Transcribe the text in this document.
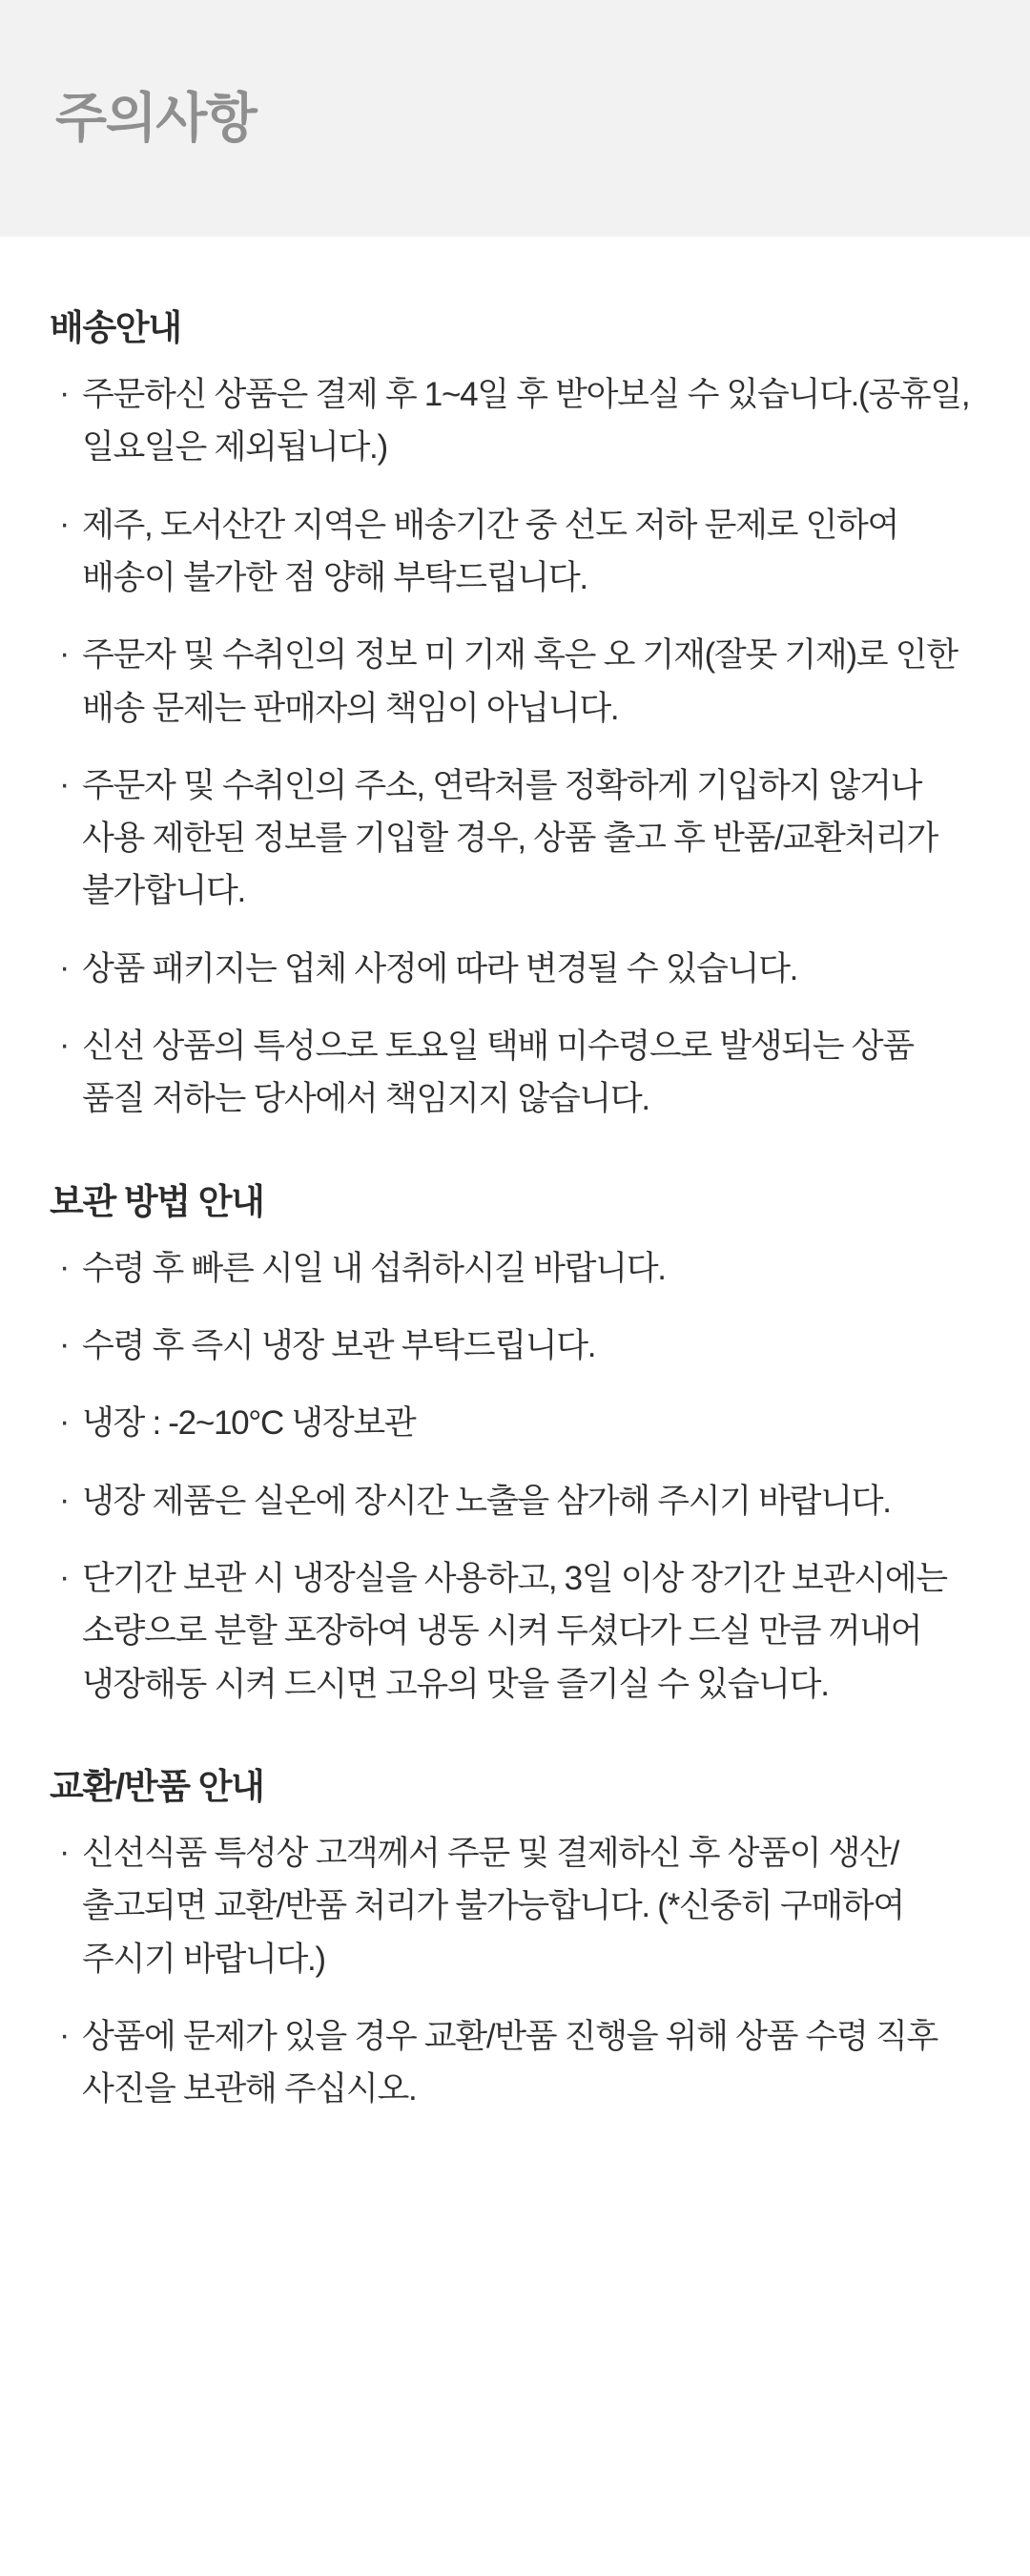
주의사항
배송안내
· 주문하신 상품은 결제 후 1~4일 후 받아보실 수 있습니다.(공휴일, 일요일은 제외됩니다.)
· 제주, 도서산간 지역은 배송기간 중 선도 저하 문제로 인하여 배송이 불가한 점 양해 부탁드립니다.
· 주문자 및 수취인의 정보 미 기재 혹은 오 기재(잘못 기재)로 인한 배송 문제는 판매자의 책임이 아닙니다.
· 주문자 및 수취인의 주소, 연락처를 정확하게 기입하지 않거나 사용 제한된 정보를 기입할 경우, 상품 출고 후 반품/교환처리가 불가합니다.
· 상품 패키지는 업체 사정에 따라 변경될 수 있습니다.
· 신선 상품의 특성으로 토요일 택배 미수령으로 발생되는 상품 품질 저하는 당사에서 책임지지 않습니다.
보관 방법 안내
· 수령 후 빠른 시일 내 섭취하시길 바랍니다.
· 수령 후 즉시 냉장 보관 부탁드립니다.
· 냉장 : -2~10°C 냉장보관
· 냉장 제품은 실온에 장시간 노출을 삼가해 주시기 바랍니다.
· 단기간 보관 시 냉장실을 사용하고, 3일 이상 장기간 보관시에는 소량으로 분할 포장하여 냉동 시켜 두셨다가 드실 만큼 꺼내어 냉장해동 시켜 드시면 고유의 맛을 즐기실 수 있습니다.
교환/반품 안내
· 신선식품 특성상 고객께서 주문 및 결제하신 후 상품이 생산/출고되면 교환/반품 처리가 불가능합니다. (*신중히 구매하여 주시기 바랍니다.)
· 상품에 문제가 있을 경우 교환/반품 진행을 위해 상품 수령 직후 사진을 보관해 주십시오.
